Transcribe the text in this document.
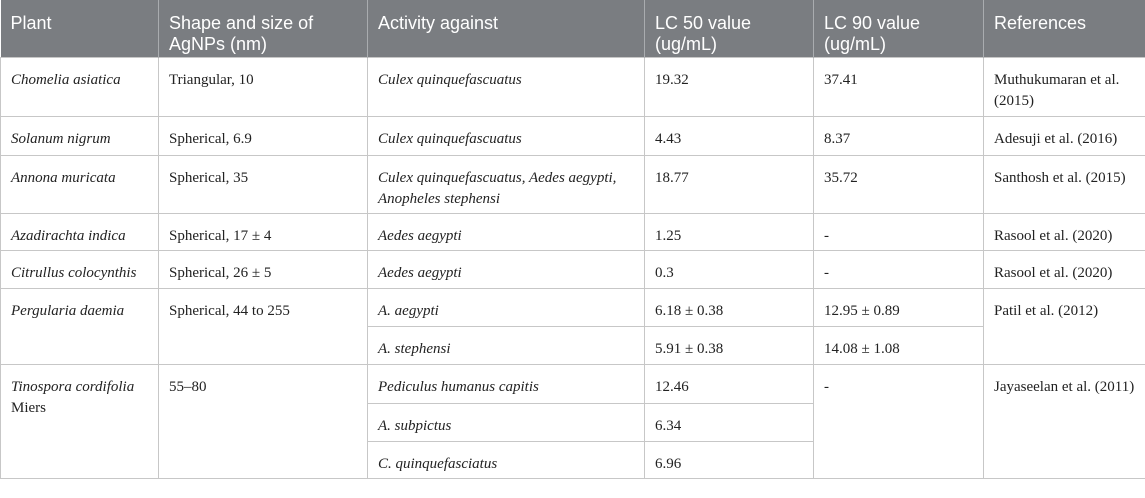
Plant	Shape and size of AgNPs (nm)	Activity against	LC 50 value (ug/mL)	LC 90 value (ug/mL)	References
Chomelia asiatica	Triangular, 10	Culex quinquefascuatus	19.32	37.41	Muthukumaran et al. (2015)
Solanum nigrum	Spherical, 6.9	Culex quinquefascuatus	4.43	8.37	Adesuji et al. (2016)
Annona muricata	Spherical, 35	Culex quinquefascuatus, Aedes aegypti, Anopheles stephensi	18.77	35.72	Santhosh et al. (2015)
Azadirachta indica	Spherical, 17 ± 4	Aedes aegypti	1.25	-	Rasool et al. (2020)
Citrullus colocynthis	Spherical, 26 ± 5	Aedes aegypti	0.3	-	Rasool et al. (2020)
Pergularia daemia	Spherical, 44 to 255	A. aegypti	6.18 ± 0.38	12.95 ± 0.89	Patil et al. (2012)
		A. stephensi	5.91 ± 0.38	14.08 ± 1.08	
Tinospora cordifolia Miers	55–80	Pediculus humanus capitis	12.46	-	Jayaseelan et al. (2011)
		A. subpictus	6.34		
		C. quinquefasciatus	6.96		
